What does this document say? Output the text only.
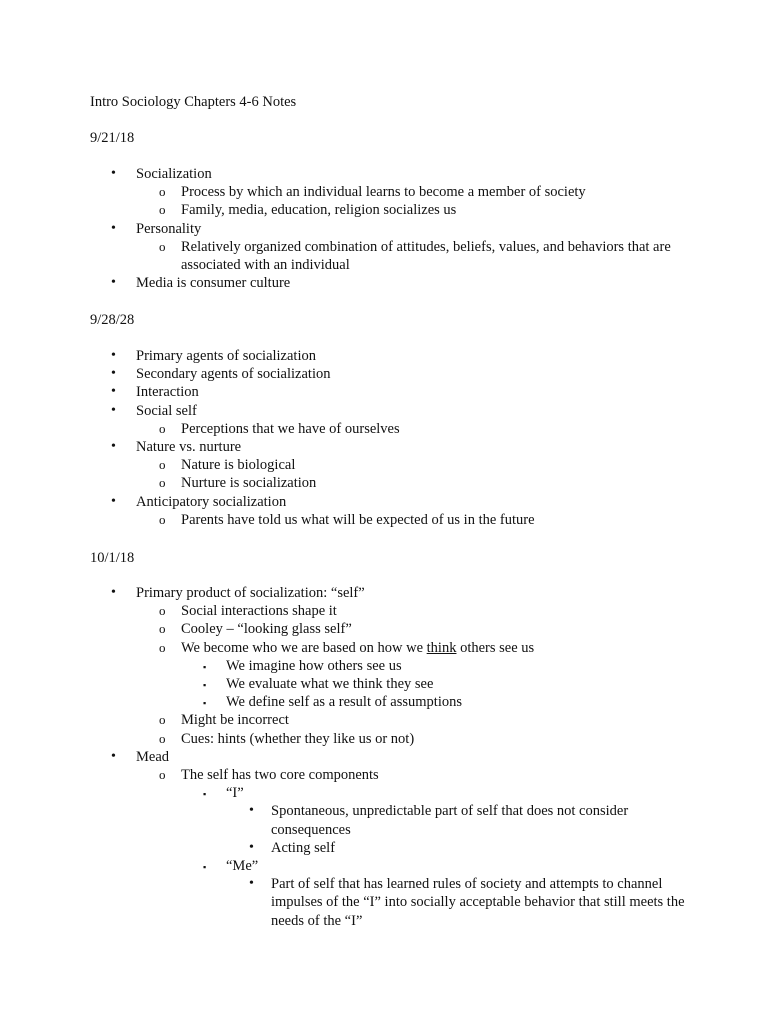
Intro Sociology Chapters 4-6 Notes
9/21/18
• Socialization
o Process by which an individual learns to become a member of society
o Family, media, education, religion socializes us
• Personality
o Relatively organized combination of attitudes, beliefs, values, and behaviors that are associated with an individual
• Media is consumer culture
9/28/28
• Primary agents of socialization
• Secondary agents of socialization
• Interaction
• Social self
o Perceptions that we have of ourselves
• Nature vs. nurture
o Nature is biological
o Nurture is socialization
• Anticipatory socialization
o Parents have told us what will be expected of us in the future
10/1/18
• Primary product of socialization: “self”
o Social interactions shape it
o Cooley – “looking glass self”
o We become who we are based on how we think others see us
▪ We imagine how others see us
▪ We evaluate what we think they see
▪ We define self as a result of assumptions
o Might be incorrect
o Cues: hints (whether they like us or not)
• Mead
o The self has two core components
▪ “I”
• Spontaneous, unpredictable part of self that does not consider consequences
• Acting self
▪ “Me”
• Part of self that has learned rules of society and attempts to channel impulses of the “I” into socially acceptable behavior that still meets the needs of the “I”
